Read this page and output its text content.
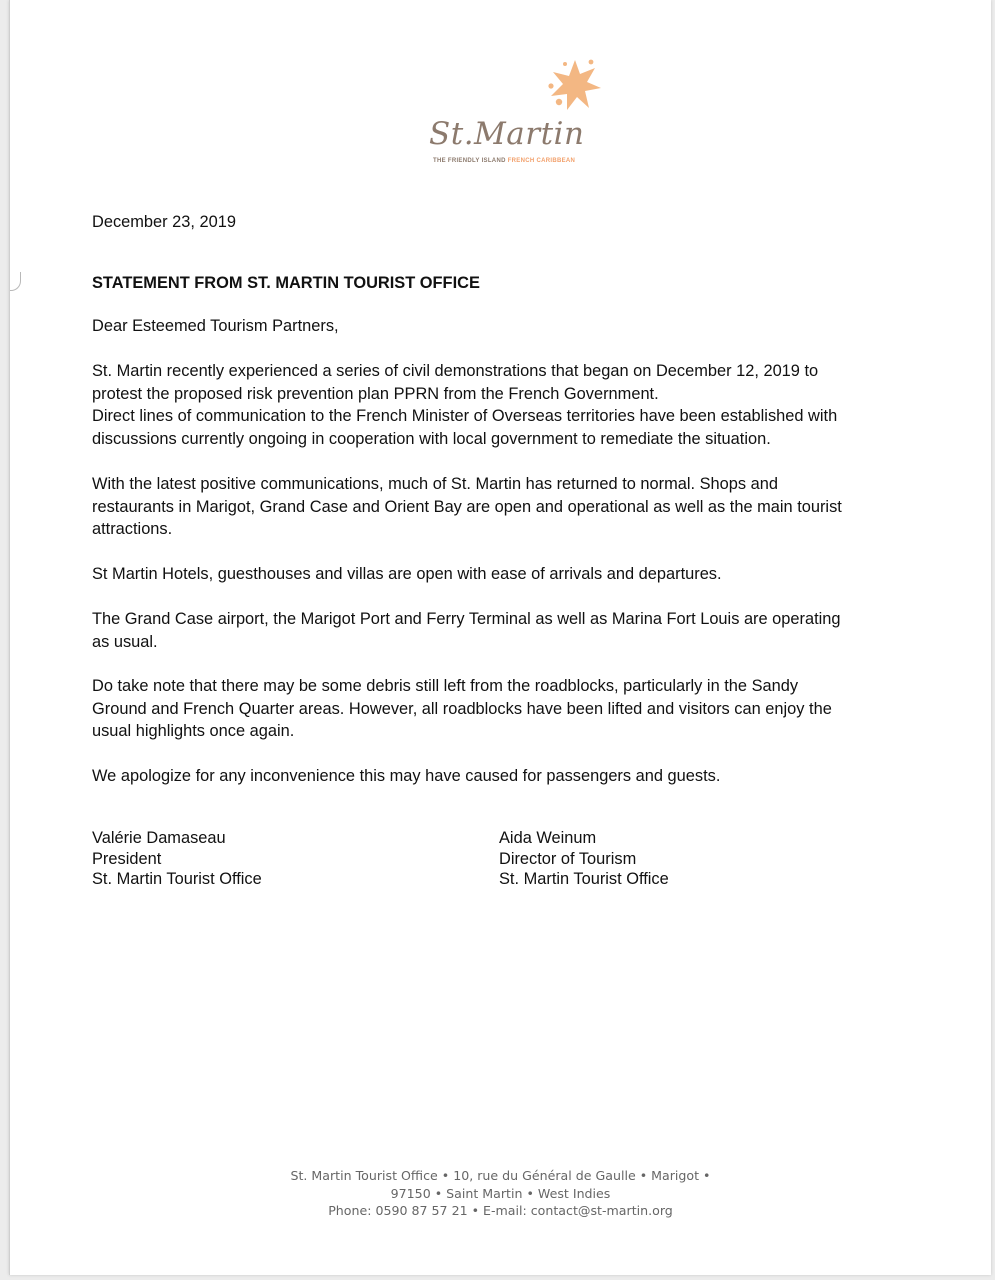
St.Martin
THE FRIENDLY ISLAND FRENCH CARIBBEAN
December 23, 2019
STATEMENT FROM ST. MARTIN TOURIST OFFICE
Dear Esteemed Tourism Partners,
St. Martin recently experienced a series of civil demonstrations that began on December 12, 2019 to
protest the proposed risk prevention plan PPRN from the French Government.
Direct lines of communication to the French Minister of Overseas territories have been established with
discussions currently ongoing in cooperation with local government to remediate the situation.
With the latest positive communications, much of St. Martin has returned to normal. Shops and
restaurants in Marigot, Grand Case and Orient Bay are open and operational as well as the main tourist
attractions.
St Martin Hotels, guesthouses and villas are open with ease of arrivals and departures.
The Grand Case airport, the Marigot Port and Ferry Terminal as well as Marina Fort Louis are operating
as usual.
Do take note that there may be some debris still left from the roadblocks, particularly in the Sandy
Ground and French Quarter areas. However, all roadblocks have been lifted and visitors can enjoy the
usual highlights once again.
We apologize for any inconvenience this may have caused for passengers and guests.
Valérie Damaseau
President
St. Martin Tourist Office
Aida Weinum
Director of Tourism
St. Martin Tourist Office
St. Martin Tourist Office • 10, rue du Général de Gaulle • Marigot •
97150 • Saint Martin • West Indies
Phone: 0590 87 57 21 • E-mail: contact@st-martin.org
